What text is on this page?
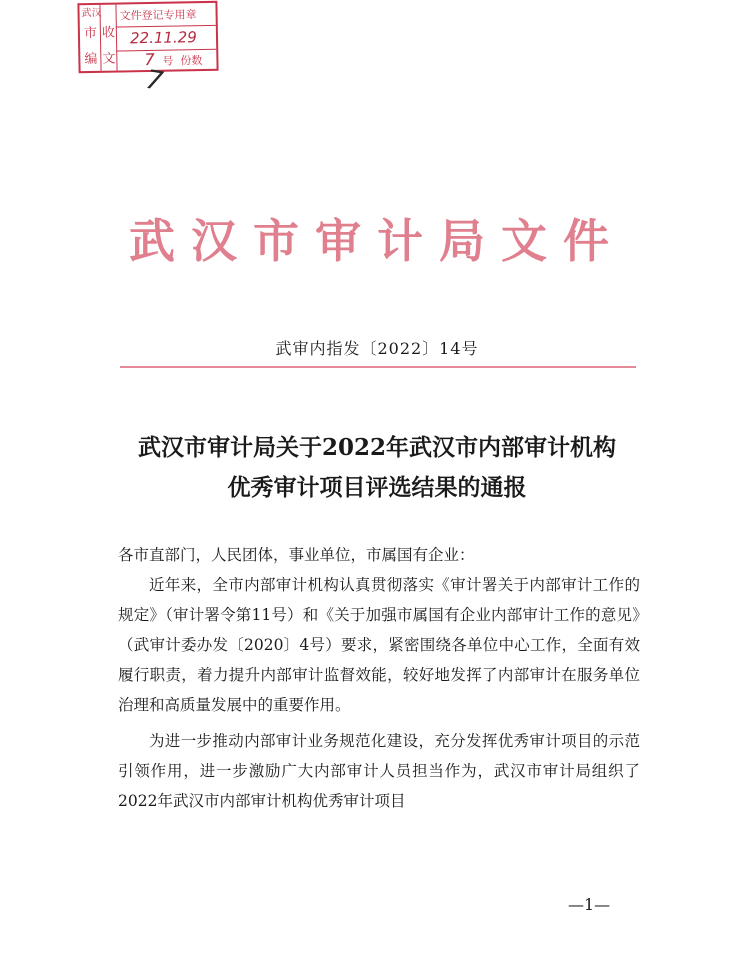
武汉
市
编
收
文
文件登记专用章
22.11.29
号
7 份数
7
武汉市审计局文件
武审内指发〔2022〕14号
武汉市审计局关于2022年武汉市内部审计机构
优秀审计项目评选结果的通报

各市直部门，人民团体，事业单位，市属国有企业：

近年来，全市内部审计机构认真贯彻落实《审计署关于内部审计工作的规定》（审计署令第11号）和《关于加强市属国有企业内部审计工作的意见》（武审计委办发〔2020〕4号）要求，紧密围绕各单位中心工作，全面有效履行职责，着力提升内部审计监督效能，较好地发挥了内部审计在服务单位治理和高质量发展中的重要作用。

为进一步推动内部审计业务规范化建设，充分发挥优秀审计项目的示范引领作用，进一步激励广大内部审计人员担当作为，武汉市审计局组织了2022年武汉市内部审计机构优秀审计项目

—1—
